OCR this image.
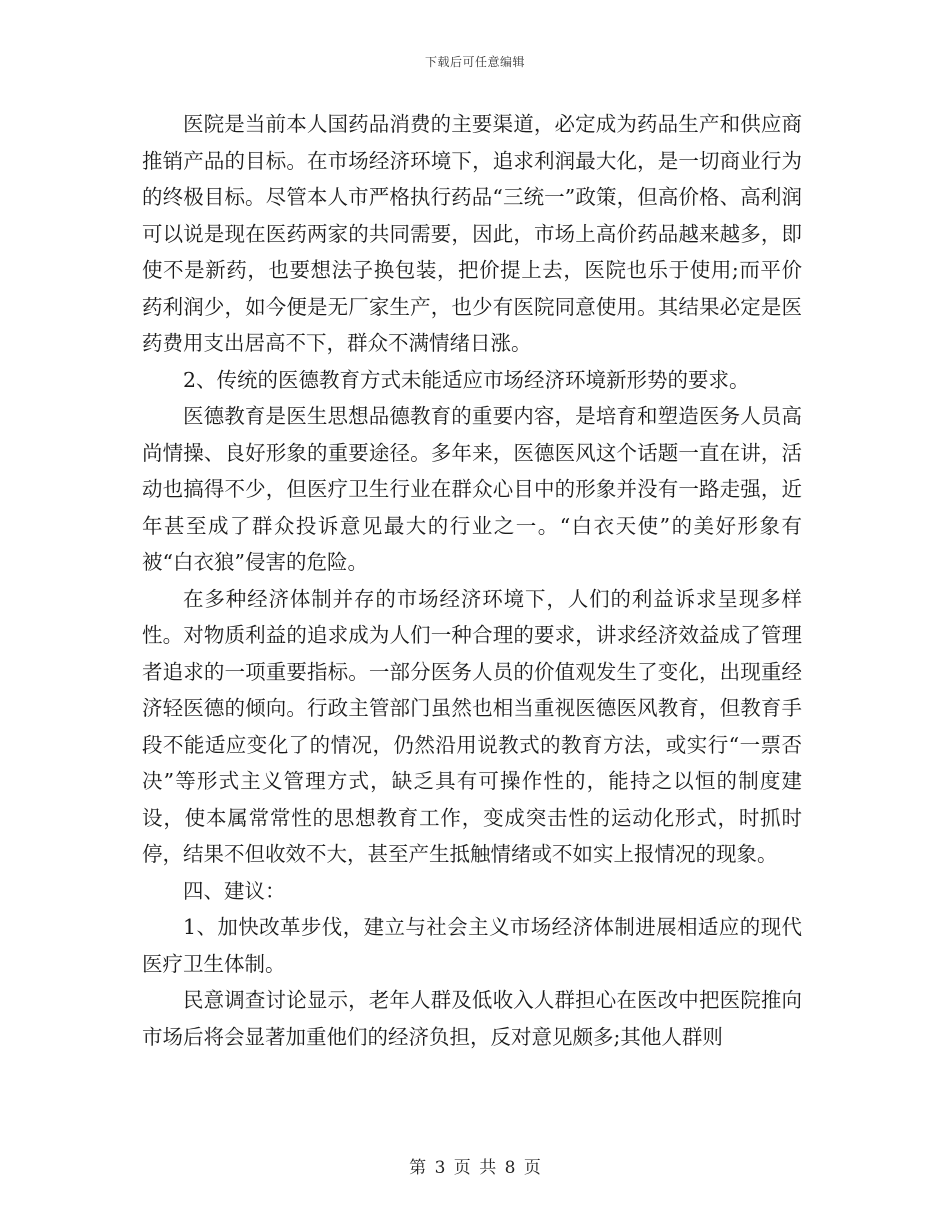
下载后可任意编辑

医院是当前本人国药品消费的主要渠道，必定成为药品生产和供应商推销产品的目标。在市场经济环境下，追求利润最大化，是一切商业行为的终极目标。尽管本人市严格执行药品“三统一”政策，但高价格、高利润可以说是现在医药两家的共同需要，因此，市场上高价药品越来越多，即使不是新药，也要想法子换包装，把价提上去，医院也乐于使用;而平价药利润少，如今便是无厂家生产，也少有医院同意使用。其结果必定是医药费用支出居高不下，群众不满情绪日涨。

2、传统的医德教育方式未能适应市场经济环境新形势的要求。

医德教育是医生思想品德教育的重要内容，是培育和塑造医务人员高尚情操、良好形象的重要途径。多年来，医德医风这个话题一直在讲，活动也搞得不少，但医疗卫生行业在群众心目中的形象并没有一路走强，近年甚至成了群众投诉意见最大的行业之一。“白衣天使”的美好形象有被“白衣狼”侵害的危险。

在多种经济体制并存的市场经济环境下，人们的利益诉求呈现多样性。对物质利益的追求成为人们一种合理的要求，讲求经济效益成了管理者追求的一项重要指标。一部分医务人员的价值观发生了变化，出现重经济轻医德的倾向。行政主管部门虽然也相当重视医德医风教育，但教育手段不能适应变化了的情况，仍然沿用说教式的教育方法，或实行“一票否决”等形式主义管理方式，缺乏具有可操作性的，能持之以恒的制度建设，使本属常常性的思想教育工作，变成突击性的运动化形式，时抓时停，结果不但收效不大，甚至产生抵触情绪或不如实上报情况的现象。

四、建议：

1、加快改革步伐，建立与社会主义市场经济体制进展相适应的现代医疗卫生体制。

民意调查讨论显示，老年人群及低收入人群担心在医改中把医院推向市场后将会显著加重他们的经济负担，反对意见颇多;其他人群则

第 3 页 共 8 页
